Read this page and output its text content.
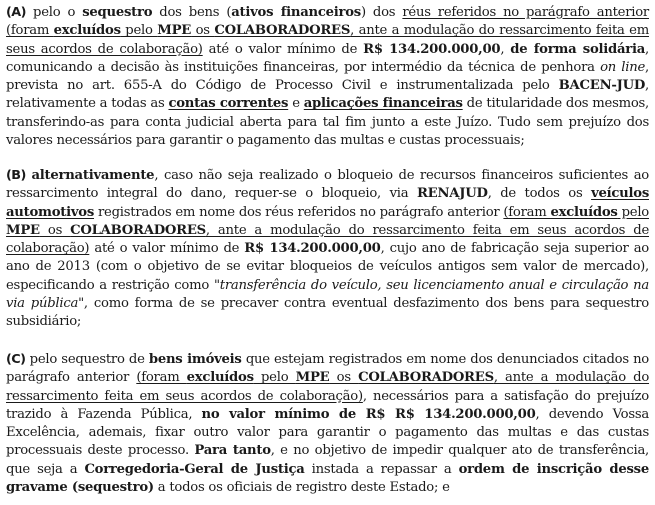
(A) pelo o sequestro dos bens (ativos financeiros) dos réus referidos no parágrafo anterior (foram excluídos pelo MPE os COLABORADORES, ante a modulação do ressarcimento feita em seus acordos de colaboração) até o valor mínimo de R$ 134.200.000,00, de forma solidária, comunicando a decisão às instituições financeiras, por intermédio da técnica de penhora on line, prevista no art. 655-A do Código de Processo Civil e instrumentalizada pelo BACEN-JUD, relativamente a todas as contas correntes e aplicações financeiras de titularidade dos mesmos, transferindo-as para conta judicial aberta para tal fim junto a este Juízo. Tudo sem prejuízo dos valores necessários para garantir o pagamento das multas e custas processuais;

(B) alternativamente, caso não seja realizado o bloqueio de recursos financeiros suficientes ao ressarcimento integral do dano, requer-se o bloqueio, via RENAJUD, de todos os veículos automotivos registrados em nome dos réus referidos no parágrafo anterior (foram excluídos pelo MPE os COLABORADORES, ante a modulação do ressarcimento feita em seus acordos de colaboração) até o valor mínimo de R$ 134.200.000,00, cujo ano de fabricação seja superior ao ano de 2013 (com o objetivo de se evitar bloqueios de veículos antigos sem valor de mercado), especificando a restrição como "transferência do veículo, seu licenciamento anual e circulação na via pública", como forma de se precaver contra eventual desfazimento dos bens para sequestro subsidiário;

(C) pelo sequestro de bens imóveis que estejam registrados em nome dos denunciados citados no parágrafo anterior (foram excluídos pelo MPE os COLABORADORES, ante a modulação do ressarcimento feita em seus acordos de colaboração), necessários para a satisfação do prejuízo trazido à Fazenda Pública, no valor mínimo de R$ R$ 134.200.000,00, devendo Vossa Excelência, ademais, fixar outro valor para garantir o pagamento das multas e das custas processuais deste processo. Para tanto, e no objetivo de impedir qualquer ato de transferência, que seja a Corregedoria-Geral de Justiça instada a repassar a ordem de inscrição desse gravame (sequestro) a todos os oficiais de registro deste Estado; e
